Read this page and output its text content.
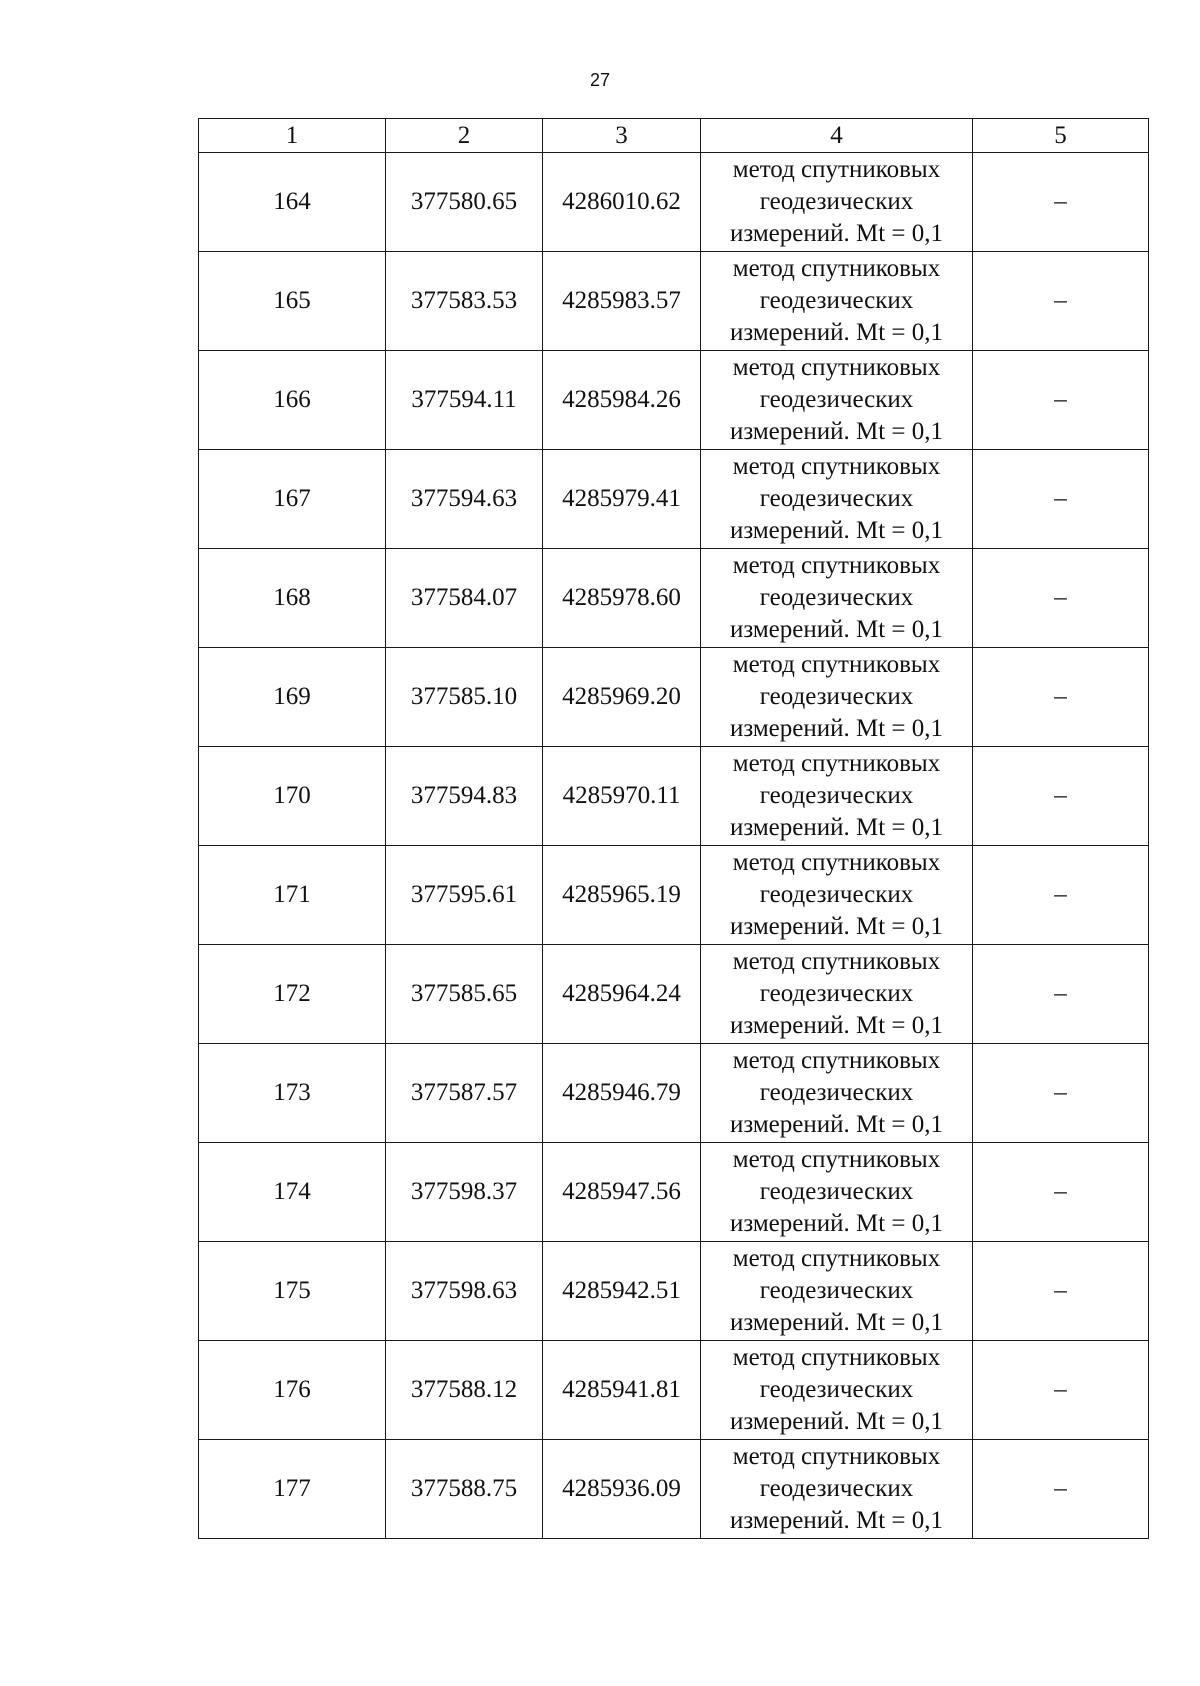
27
1	2	3	4	5
164	377580.65	4286010.62	метод спутниковых
геодезических
измерений. Mt = 0,1	–
165	377583.53	4285983.57	метод спутниковых
геодезических
измерений. Mt = 0,1	–
166	377594.11	4285984.26	метод спутниковых
геодезических
измерений. Mt = 0,1	–
167	377594.63	4285979.41	метод спутниковых
геодезических
измерений. Mt = 0,1	–
168	377584.07	4285978.60	метод спутниковых
геодезических
измерений. Mt = 0,1	–
169	377585.10	4285969.20	метод спутниковых
геодезических
измерений. Mt = 0,1	–
170	377594.83	4285970.11	метод спутниковых
геодезических
измерений. Mt = 0,1	–
171	377595.61	4285965.19	метод спутниковых
геодезических
измерений. Mt = 0,1	–
172	377585.65	4285964.24	метод спутниковых
геодезических
измерений. Mt = 0,1	–
173	377587.57	4285946.79	метод спутниковых
геодезических
измерений. Mt = 0,1	–
174	377598.37	4285947.56	метод спутниковых
геодезических
измерений. Mt = 0,1	–
175	377598.63	4285942.51	метод спутниковых
геодезических
измерений. Mt = 0,1	–
176	377588.12	4285941.81	метод спутниковых
геодезических
измерений. Mt = 0,1	–
177	377588.75	4285936.09	метод спутниковых
геодезических
измерений. Mt = 0,1	–
